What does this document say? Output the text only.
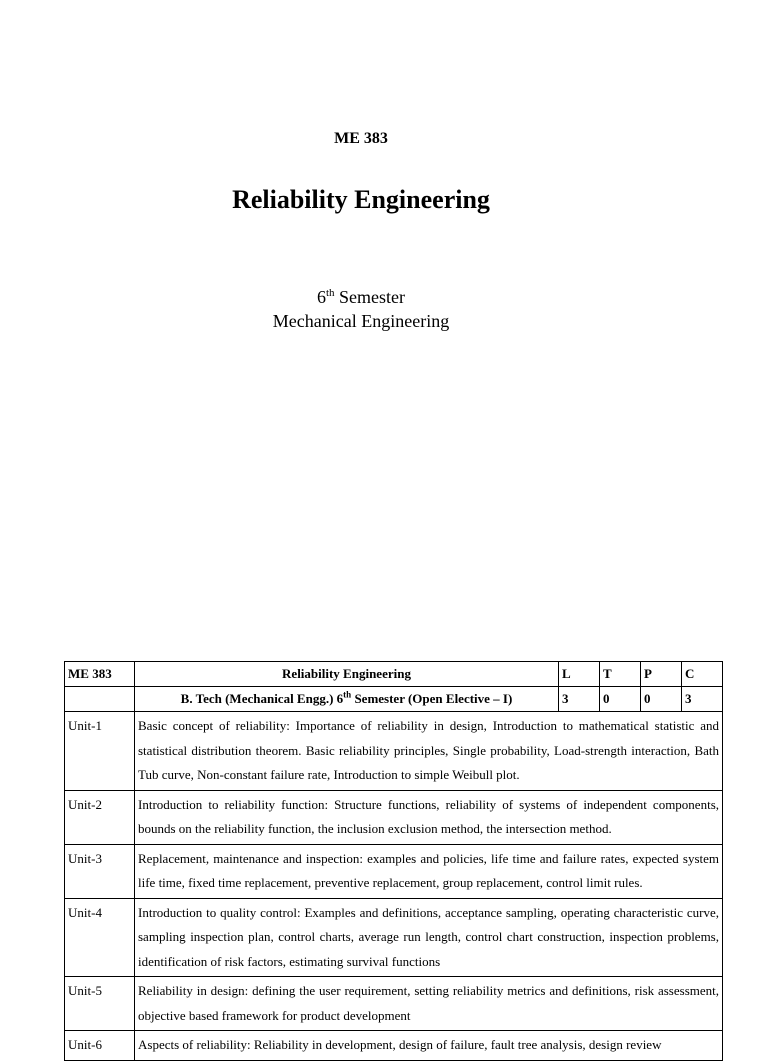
ME 383
Reliability Engineering
6th Semester
Mechanical Engineering
ME 383	Reliability Engineering	L	T	P	C
	B. Tech (Mechanical Engg.) 6th Semester (Open Elective – I)	3	0	0	3
Unit-1	Basic concept of reliability: Importance of reliability in design, Introduction to mathematical statistic and statistical distribution theorem. Basic reliability principles, Single probability, Load-strength interaction, Bath Tub curve, Non-constant failure rate, Introduction to simple Weibull plot.				
Unit-2	Introduction to reliability function: Structure functions, reliability of systems of independent components, bounds on the reliability function, the inclusion exclusion method, the intersection method.				
Unit-3	Replacement, maintenance and inspection: examples and policies, life time and failure rates, expected system life time, fixed time replacement, preventive replacement, group replacement, control limit rules.				
Unit-4	Introduction to quality control: Examples and definitions, acceptance sampling, operating characteristic curve, sampling inspection plan, control charts, average run length, control chart construction, inspection problems, identification of risk factors, estimating survival functions				
Unit-5	Reliability in design: defining the user requirement, setting reliability metrics and definitions, risk assessment, objective based framework for product development				
Unit-6	Aspects of reliability: Reliability in development, design of failure, fault tree analysis, design review				
